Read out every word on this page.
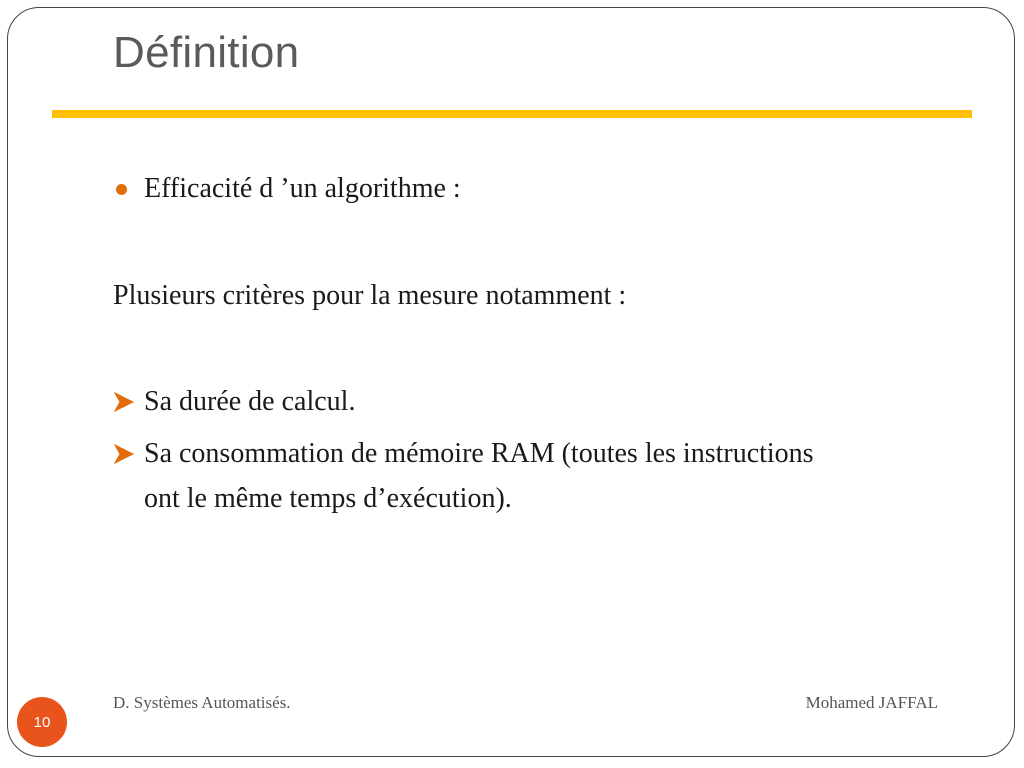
Définition
Efficacité d ’un algorithme :
Plusieurs critères pour la mesure notamment :
Sa durée de calcul.
Sa consommation de mémoire RAM (toutes les instructions
ont le même temps d’exécution).
D. Systèmes Automatisés.	Mohamed JAFFAL
10
